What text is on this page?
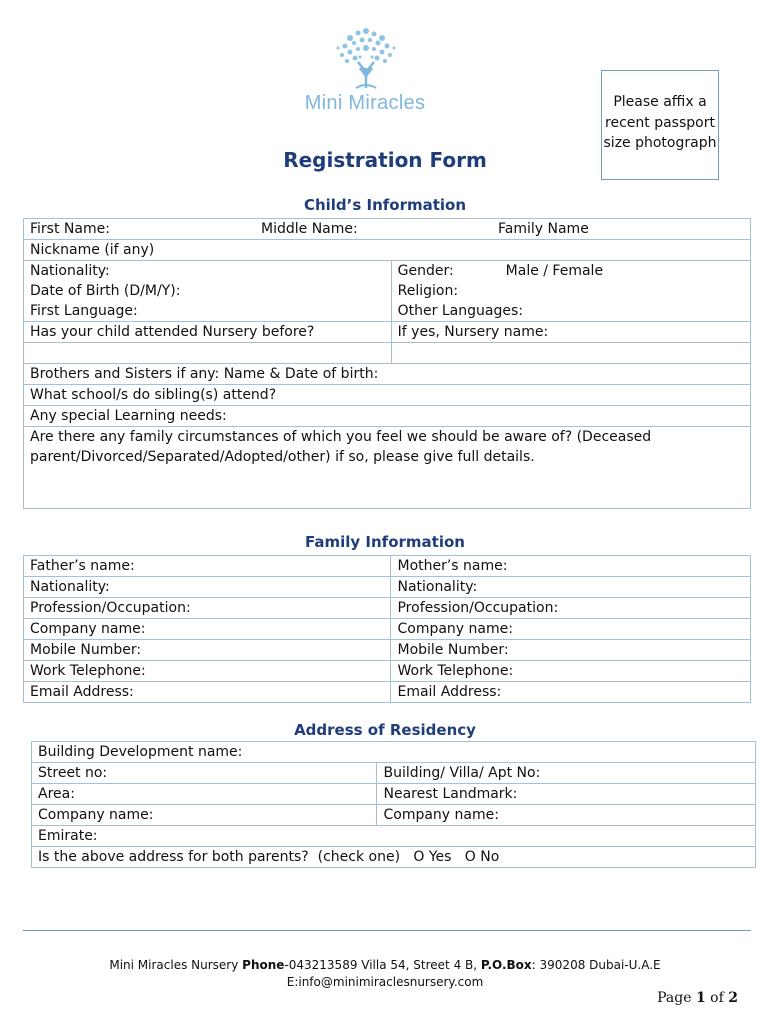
Mini Miracles	Please affix a recent passport size photograph
Registration Form
Child’s Information
First Name: Middle Name: Family Name	

Nickname (if any)	
Nationality:	Gender: Male / Female
Date of Birth (D/M/Y):	Religion:
First Language:	Other Languages:
Has your child attended Nursery before?	If yes, Nursery name:

Brothers and Sisters if any: Name & Date of birth:	
What school/s do sibling(s) attend?	
Any special Learning needs:	
Are there any family circumstances of which you feel we should be aware of? (Deceased parent/Divorced/Separated/Adopted/other) if so, please give full details.	
Family Information
Father’s name:	Mother’s name:
Nationality:	Nationality:
Profession/Occupation:	Profession/Occupation:
Company name:	Company name:
Mobile Number:	Mobile Number:
Work Telephone:	Work Telephone:
Email Address:	Email Address:
Address of Residency
Building Development name:	
Street no:	Building/ Villa/ Apt No:
Area:	Nearest Landmark:
Company name:	Company name:
Emirate:	
Is the above address for both parents?  (check one)   O Yes   O No	
Mini Miracles Nursery Phone-043213589 Villa 54, Street 4 B, P.O.Box: 390208 Dubai-U.A.E
E:info@minimiraclesnursery.com
Page 1 of 2
